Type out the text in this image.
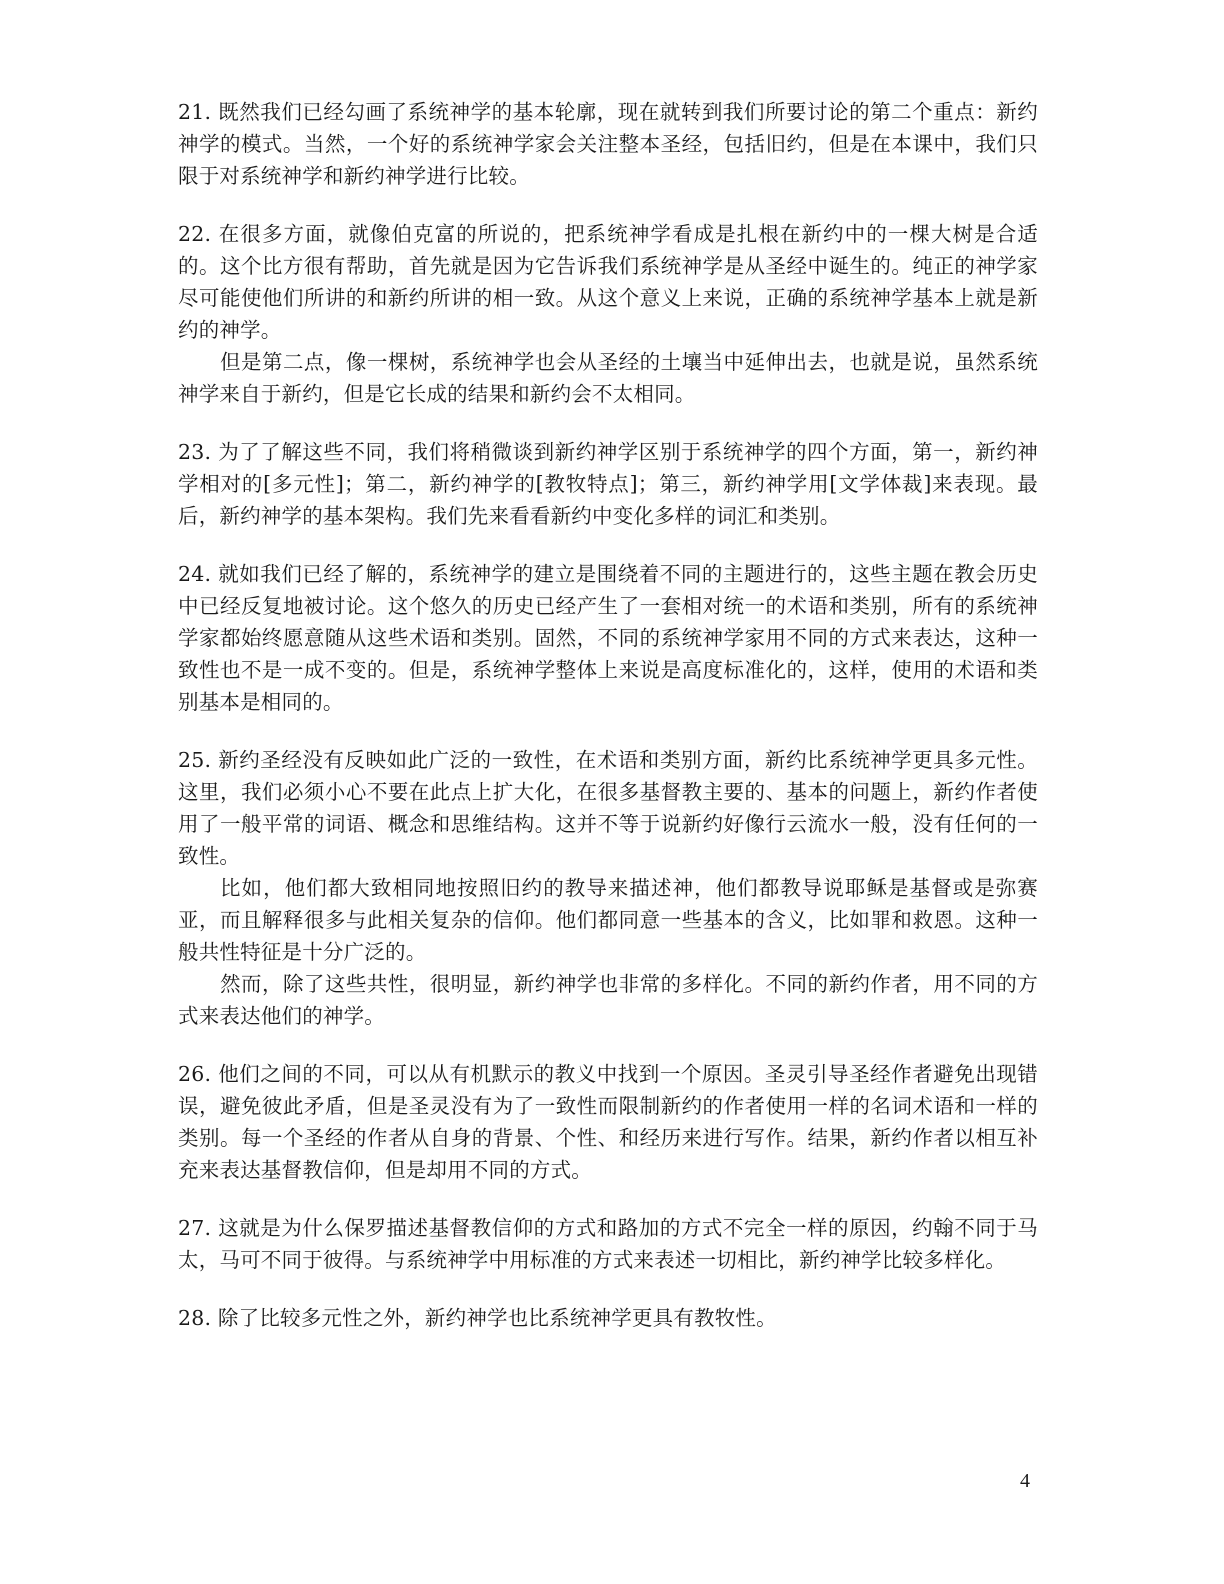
21. 既然我们已经勾画了系统神学的基本轮廓，现在就转到我们所要讨论的第二个重点：新约神学的模式。当然，一个好的系统神学家会关注整本圣经，包括旧约，但是在本课中，我们只限于对系统神学和新约神学进行比较。

22. 在很多方面，就像伯克富的所说的，把系统神学看成是扎根在新约中的一棵大树是合适的。这个比方很有帮助，首先就是因为它告诉我们系统神学是从圣经中诞生的。纯正的神学家尽可能使他们所讲的和新约所讲的相一致。从这个意义上来说，正确的系统神学基本上就是新约的神学。

但是第二点，像一棵树，系统神学也会从圣经的土壤当中延伸出去，也就是说，虽然系统神学来自于新约，但是它长成的结果和新约会不太相同。

23. 为了了解这些不同，我们将稍微谈到新约神学区别于系统神学的四个方面，第一，新约神学相对的[多元性]；第二，新约神学的[教牧特点]；第三，新约神学用[文学体裁]来表现。最后，新约神学的基本架构。我们先来看看新约中变化多样的词汇和类别。

24. 就如我们已经了解的，系统神学的建立是围绕着不同的主题进行的，这些主题在教会历史中已经反复地被讨论。这个悠久的历史已经产生了一套相对统一的术语和类别，所有的系统神学家都始终愿意随从这些术语和类别。固然，不同的系统神学家用不同的方式来表达，这种一致性也不是一成不变的。但是，系统神学整体上来说是高度标准化的，这样，使用的术语和类别基本是相同的。

25. 新约圣经没有反映如此广泛的一致性，在术语和类别方面，新约比系统神学更具多元性。这里，我们必须小心不要在此点上扩大化，在很多基督教主要的、基本的问题上，新约作者使用了一般平常的词语、概念和思维结构。这并不等于说新约好像行云流水一般，没有任何的一致性。

比如，他们都大致相同地按照旧约的教导来描述神，他们都教导说耶稣是基督或是弥赛亚，而且解释很多与此相关复杂的信仰。他们都同意一些基本的含义，比如罪和救恩。这种一般共性特征是十分广泛的。

然而，除了这些共性，很明显，新约神学也非常的多样化。不同的新约作者，用不同的方式来表达他们的神学。

26. 他们之间的不同，可以从有机默示的教义中找到一个原因。圣灵引导圣经作者避免出现错误，避免彼此矛盾，但是圣灵没有为了一致性而限制新约的作者使用一样的名词术语和一样的类别。每一个圣经的作者从自身的背景、个性、和经历来进行写作。结果，新约作者以相互补充来表达基督教信仰，但是却用不同的方式。

27. 这就是为什么保罗描述基督教信仰的方式和路加的方式不完全一样的原因，约翰不同于马太，马可不同于彼得。与系统神学中用标准的方式来表述一切相比，新约神学比较多样化。

28. 除了比较多元性之外，新约神学也比系统神学更具有教牧性。

4
